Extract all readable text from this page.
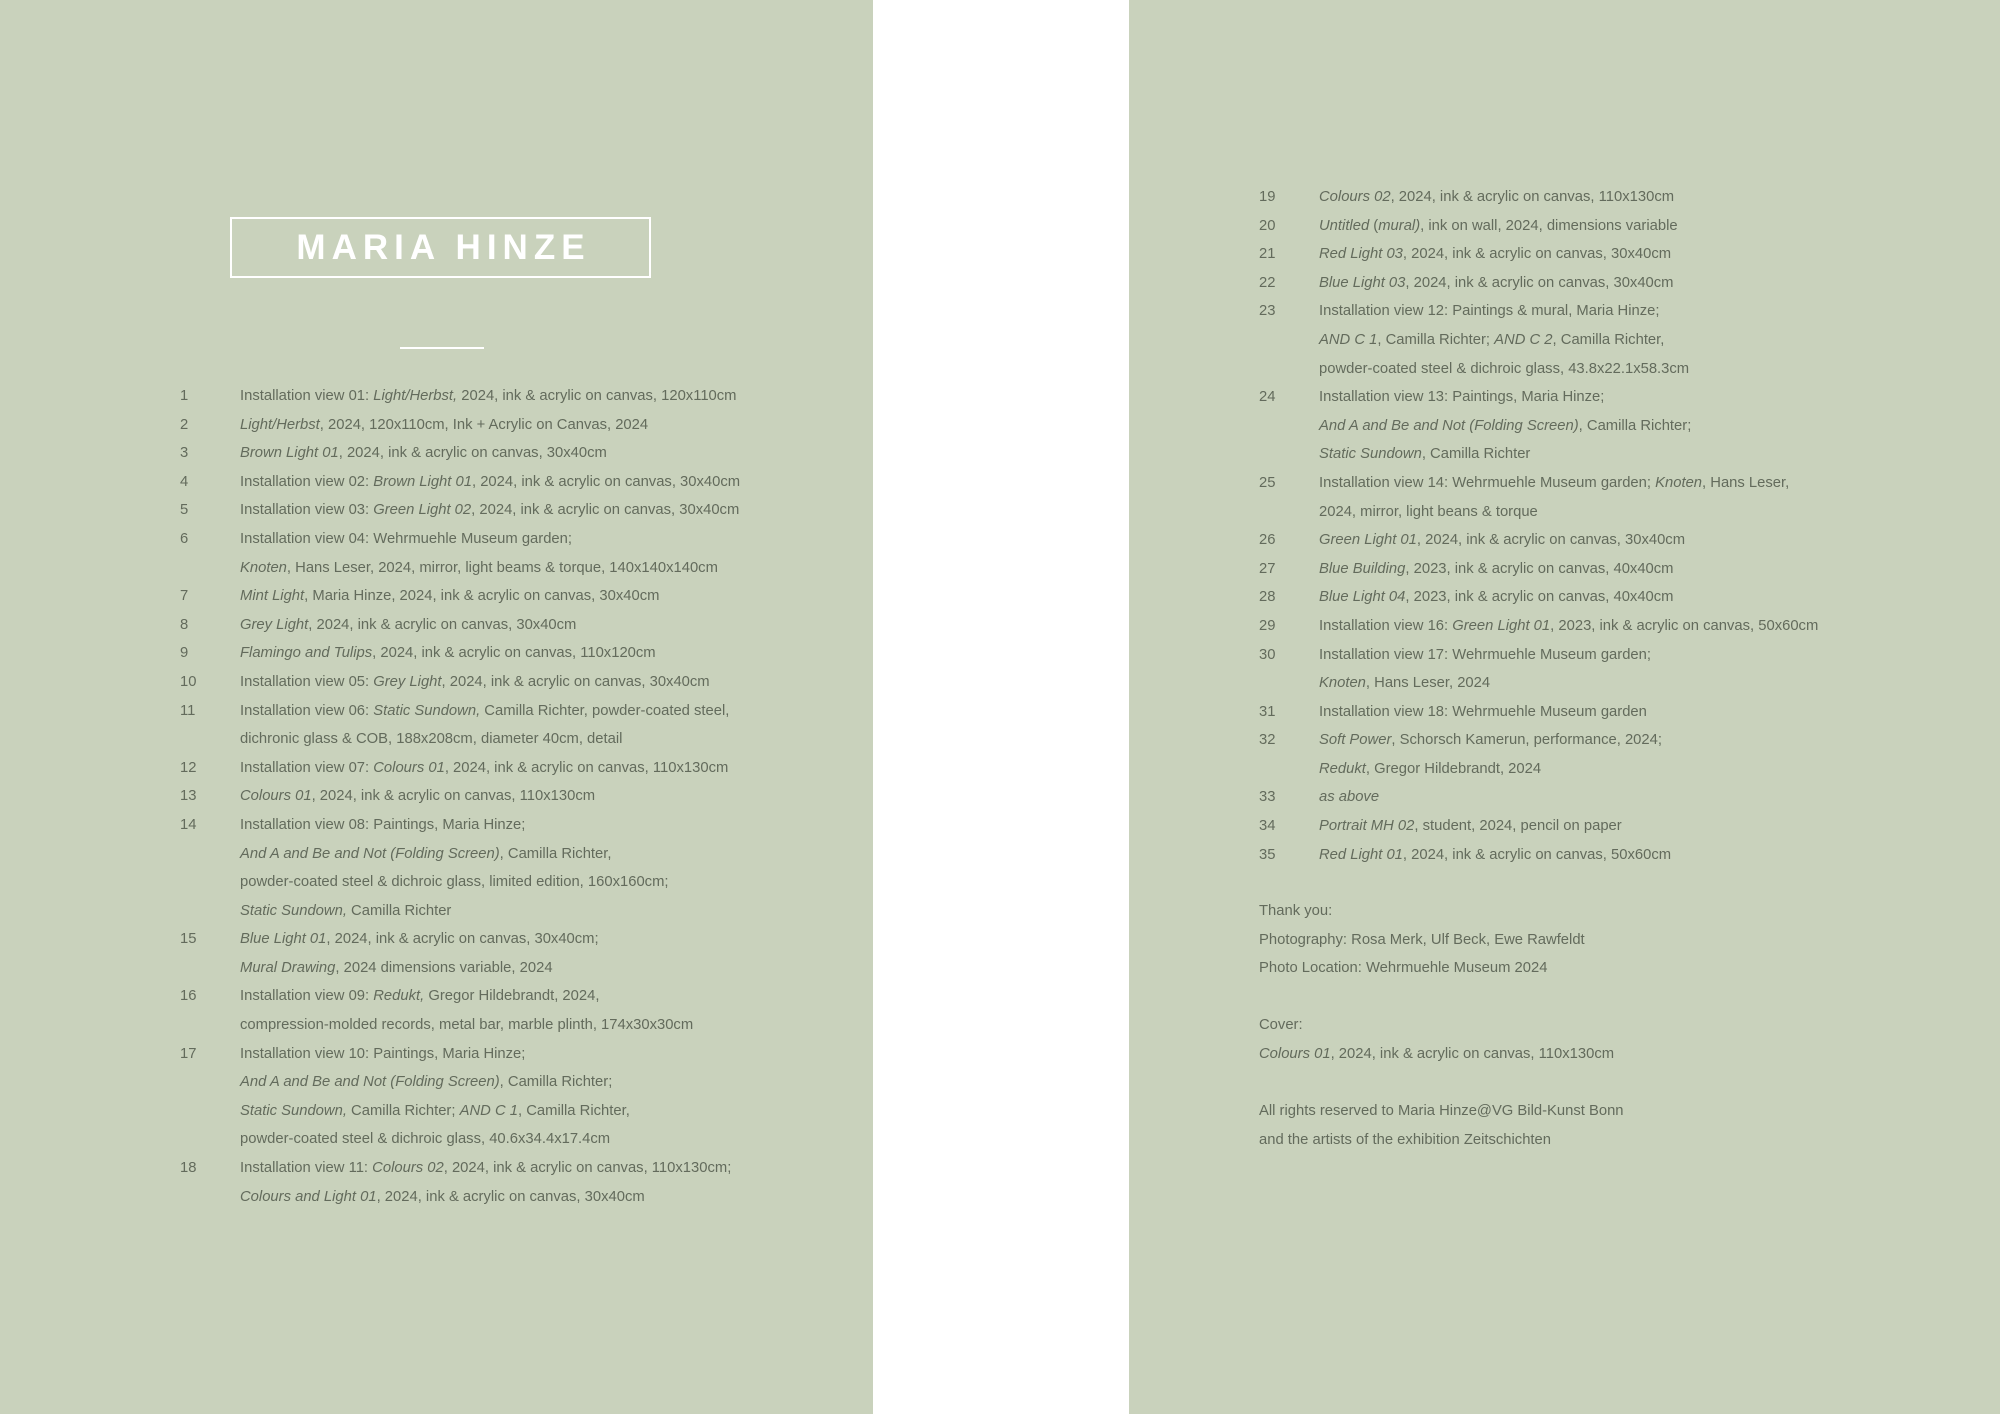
MARIA HINZE
1	Installation view 01: Light/Herbst, 2024, ink & acrylic on canvas, 120x110cm
2	Light/Herbst, 2024, 120x110cm, Ink + Acrylic on Canvas, 2024
3	Brown Light 01, 2024, ink & acrylic on canvas, 30x40cm
4	Installation view 02: Brown Light 01, 2024, ink & acrylic on canvas, 30x40cm
5	Installation view 03: Green Light 02, 2024, ink & acrylic on canvas, 30x40cm
6	Installation view 04: Wehrmuehle Museum garden;
Knoten, Hans Leser, 2024, mirror, light beams & torque, 140x140x140cm
7	Mint Light, Maria Hinze, 2024, ink & acrylic on canvas, 30x40cm
8	Grey Light, 2024, ink & acrylic on canvas, 30x40cm
9	Flamingo and Tulips, 2024, ink & acrylic on canvas, 110x120cm
10	Installation view 05: Grey Light, 2024, ink & acrylic on canvas, 30x40cm
11	Installation view 06: Static Sundown, Camilla Richter, powder-coated steel,
dichronic glass & COB, 188x208cm, diameter 40cm, detail
12	Installation view 07: Colours 01, 2024, ink & acrylic on canvas, 110x130cm
13	Colours 01, 2024, ink & acrylic on canvas, 110x130cm
14	Installation view 08: Paintings, Maria Hinze;
And A and Be and Not (Folding Screen), Camilla Richter,
powder-coated steel & dichroic glass, limited edition, 160x160cm;
Static Sundown, Camilla Richter
15	Blue Light 01, 2024, ink & acrylic on canvas, 30x40cm;
Mural Drawing, 2024 dimensions variable, 2024
16	Installation view 09: Redukt, Gregor Hildebrandt, 2024,
compression-molded records, metal bar, marble plinth, 174x30x30cm
17	Installation view 10: Paintings, Maria Hinze;
And A and Be and Not (Folding Screen), Camilla Richter;
Static Sundown, Camilla Richter; AND C 1, Camilla Richter,
powder-coated steel & dichroic glass, 40.6x34.4x17.4cm
18	Installation view 11: Colours 02, 2024, ink & acrylic on canvas, 110x130cm;
Colours and Light 01, 2024, ink & acrylic on canvas, 30x40cm
19	Colours 02, 2024, ink & acrylic on canvas, 110x130cm
20	Untitled (mural), ink on wall, 2024, dimensions variable
21	Red Light 03, 2024, ink & acrylic on canvas, 30x40cm
22	Blue Light 03, 2024, ink & acrylic on canvas, 30x40cm
23	Installation view 12: Paintings & mural, Maria Hinze;
AND C 1, Camilla Richter; AND C 2, Camilla Richter,
powder-coated steel & dichroic glass, 43.8x22.1x58.3cm
24	Installation view 13: Paintings, Maria Hinze;
And A and Be and Not (Folding Screen), Camilla Richter;
Static Sundown, Camilla Richter
25	Installation view 14: Wehrmuehle Museum garden; Knoten, Hans Leser,
2024, mirror, light beans & torque
26	Green Light 01, 2024, ink & acrylic on canvas, 30x40cm
27	Blue Building, 2023, ink & acrylic on canvas, 40x40cm
28	Blue Light 04, 2023, ink & acrylic on canvas, 40x40cm
29	Installation view 16: Green Light 01, 2023, ink & acrylic on canvas, 50x60cm
30	Installation view 17: Wehrmuehle Museum garden;
Knoten, Hans Leser, 2024
31	Installation view 18: Wehrmuehle Museum garden
32	Soft Power, Schorsch Kamerun, performance, 2024;
Redukt, Gregor Hildebrandt, 2024
33	as above
34	Portrait MH 02, student, 2024, pencil on paper
35	Red Light 01, 2024, ink & acrylic on canvas, 50x60cm
Thank you:
Photography: Rosa Merk, Ulf Beck, Ewe Rawfeldt
Photo Location: Wehrmuehle Museum 2024
Cover:
Colours 01, 2024, ink & acrylic on canvas, 110x130cm
All rights reserved to Maria Hinze@VG Bild-Kunst Bonn
and the artists of the exhibition Zeitschichten
